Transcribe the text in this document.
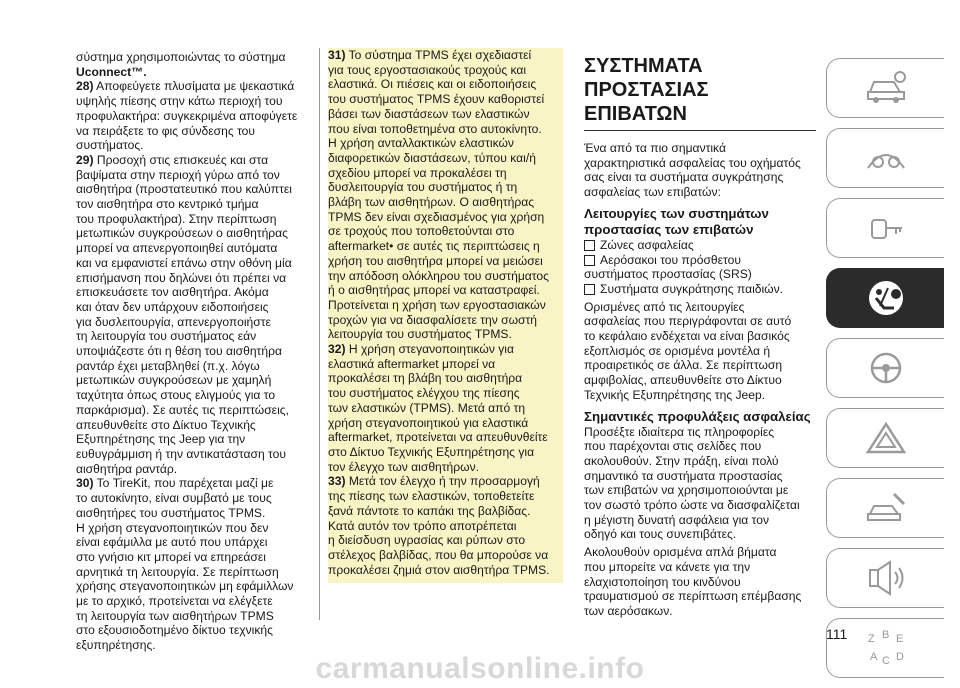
σύστημα χρησιμοποιώντας το σύστημα

Uconnect™.

28) Αποφεύγετε πλυσίματα με ψεκαστικά

υψηλής πίεσης στην κάτω περιοχή του

προφυλακτήρα: συγκεκριμένα αποφύγετε

να πειράξετε το φις σύνδεσης του

συστήματος.

29) Προσοχή στις επισκευές και στα

βαψίματα στην περιοχή γύρω από τον

αισθητήρα (προστατευτικό που καλύπτει

τον αισθητήρα στο κεντρικό τμήμα

του προφυλακτήρα). Στην περίπτωση

μετωπικών συγκρούσεων ο αισθητήρας

μπορεί να απενεργοποιηθεί αυτόματα

και να εμφανιστεί επάνω στην οθόνη μία

επισήμανση που δηλώνει ότι πρέπει να

επισκευάσετε τον αισθητήρα. Ακόμα

και όταν δεν υπάρχουν ειδοποιήσεις

για δυσλειτουργία, απενεργοποιήστε

τη λειτουργία του συστήματος εάν

υποψιάζεστε ότι η θέση του αισθητήρα

ραντάρ έχει μεταβληθεί (π.χ. λόγω

μετωπικών συγκρούσεων με χαμηλή

ταχύτητα όπως στους ελιγμούς για το

παρκάρισμα). Σε αυτές τις περιπτώσεις,

απευθυνθείτε στο Δίκτυο Τεχνικής

Εξυπηρέτησης της Jeep για την

ευθυγράμμιση ή την αντικατάσταση του

αισθητήρα ραντάρ.

30) Το TireKit, που παρέχεται μαζί με

το αυτοκίνητο, είναι συμβατό με τους

αισθητήρες του συστήματος TPMS.

Η χρήση στεγανοποιητικών που δεν

είναι εφάμιλλα με αυτό που υπάρχει

στο γνήσιο κιτ μπορεί να επηρεάσει

αρνητικά τη λειτουργία. Σε περίπτωση

χρήσης στεγανοποιητικών μη εφάμιλλων

με το αρχικό, προτείνεται να ελέγξετε

τη λειτουργία των αισθητήρων TPMS

στο εξουσιοδοτημένο δίκτυο τεχνικής

εξυπηρέτησης.

31) Το σύστημα TPMS έχει σχεδιαστεί

για τους εργοστασιακούς τροχούς και

ελαστικά. Οι πιέσεις και οι ειδοποιήσεις

του συστήματος TPMS έχουν καθοριστεί

βάσει των διαστάσεων των ελαστικών

που είναι τοποθετημένα στο αυτοκίνητο.

Η χρήση ανταλλακτικών ελαστικών

διαφορετικών διαστάσεων, τύπου και/ή

σχεδίου μπορεί να προκαλέσει τη

δυσλειτουργία του συστήματος ή τη

βλάβη των αισθητήρων. Ο αισθητήρας

TPMS δεν είναι σχεδιασμένος για χρήση

σε τροχούς που τοποθετούνται στο

aftermarket• σε αυτές τις περιπτώσεις η

χρήση του αισθητήρα μπορεί να μειώσει

την απόδοση ολόκληρου του συστήματος

ή ο αισθητήρας μπορεί να καταστραφεί.

Προτείνεται η χρήση των εργοστασιακών

τροχών για να διασφαλίσετε την σωστή

λειτουργία του συστήματος TPMS.

32) Η χρήση στεγανοποιητικών για

ελαστικά aftermarket μπορεί να

προκαλέσει τη βλάβη του αισθητήρα

του συστήματος ελέγχου της πίεσης

των ελαστικών (TPMS). Μετά από τη

χρήση στεγανοποιητικού για ελαστικά

aftermarket, προτείνεται να απευθυνθείτε

στο Δίκτυο Τεχνικής Εξυπηρέτησης για

τον έλεγχο των αισθητήρων.

33) Μετά τον έλεγχο ή την προσαρμογή

της πίεσης των ελαστικών, τοποθετείτε

ξανά πάντοτε το καπάκι της βαλβίδας.

Κατά αυτόν τον τρόπο αποτρέπεται

η διείσδυση υγρασίας και ρύπων στο

στέλεχος βαλβίδας, που θα μπορούσε να

προκαλέσει ζημιά στον αισθητήρα TPMS.

ΣΥΣΤΗΜΑΤΑ ΠΡΟΣΤΑΣΙΑΣ
ΕΠΙΒΑΤΩΝ
Ένα από τα πιο σημαντικά
χαρακτηριστικά ασφαλείας του οχήματός
σας είναι τα συστήματα συγκράτησης
ασφαλείας των επιβατών:
Λειτουργίες των συστημάτων
προστασίας των επιβατών
Ζώνες ασφαλείας
Αερόσακοι του πρόσθετου
συστήματος προστασίας (SRS)
Συστήματα συγκράτησης παιδιών.
Ορισμένες από τις λειτουργίες
ασφαλείας που περιγράφονται σε αυτό
το κεφάλαιο ενδέχεται να είναι βασικός
εξοπλισμός σε ορισμένα μοντέλα ή
προαιρετικός σε άλλα. Σε περίπτωση
αμφιβολίας, απευθυνθείτε στο Δίκτυο
Τεχνικής Εξυπηρέτησης της Jeep.
Σημαντικές προφυλάξεις ασφαλείας
Προσέξτε ιδιαίτερα τις πληροφορίες
που παρέχονται στις σελίδες που
ακολουθούν. Στην πράξη, είναι πολύ
σημαντικό τα συστήματα προστασίας
των επιβατών να χρησιμοποιούνται με
τον σωστό τρόπο ώστε να διασφαλίζεται
η μέγιστη δυνατή ασφάλεια για τον
οδηγό και τους συνεπιβάτες.
Ακολουθούν ορισμένα απλά βήματα
που μπορείτε να κάνετε για την
ελαχιστοποίηση του κινδύνου
τραυματισμού σε περίπτωση επέμβασης
των αερόσακων.
Z B E
A C D
111
carmanualsonline.info
